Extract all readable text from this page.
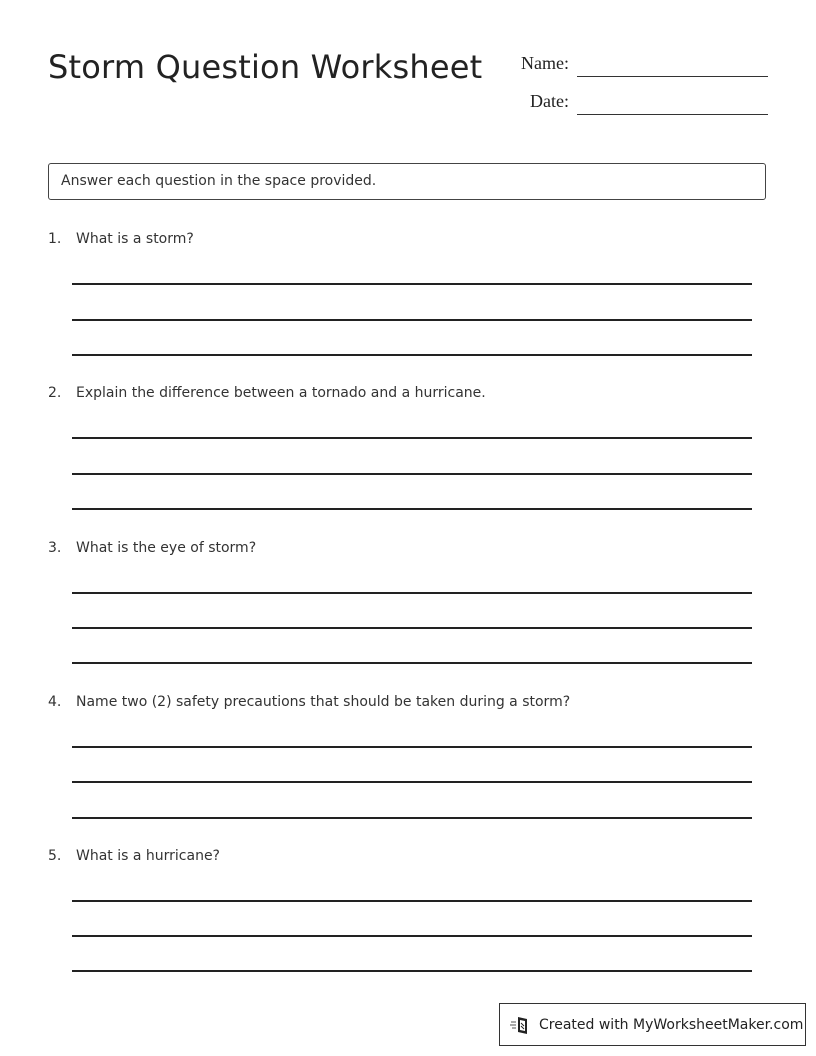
Storm Question Worksheet	Name:
Date:
Answer each question in the space provided.
1. What is a storm?
2. Explain the difference between a tornado and a hurricane.
3. What is the eye of storm?
4. Name two (2) safety precautions that should be taken during a storm?
5. What is a hurricane?
Created with MyWorksheetMaker.com
